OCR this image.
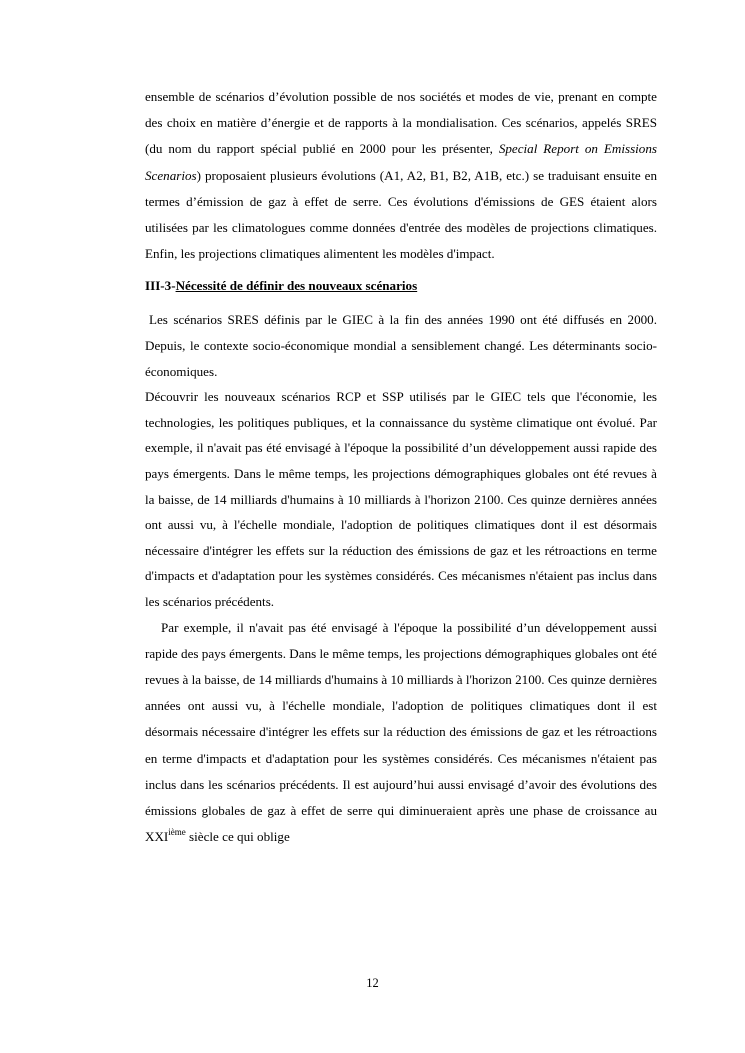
ensemble de scénarios d’évolution possible de nos sociétés et modes de vie, prenant en compte des choix en matière d’énergie et de rapports à la mondialisation. Ces scénarios, appelés SRES (du nom du rapport spécial publié en 2000 pour les présenter, Special Report on Emissions Scenarios) proposaient plusieurs évolutions (A1, A2, B1, B2, A1B, etc.) se traduisant ensuite en termes d’émission de gaz à effet de serre. Ces évolutions d'émissions de GES étaient alors utilisées par les climatologues comme données d'entrée des modèles de projections climatiques. Enfin, les projections climatiques alimentent les modèles d'impact.

III-3-Nécessité de définir des nouveaux scénarios

Les scénarios SRES définis par le GIEC à la fin des années 1990 ont été diffusés en 2000. Depuis, le contexte socio-économique mondial a sensiblement changé. Les déterminants socio-économiques.

Découvrir les nouveaux scénarios RCP et SSP utilisés par le GIEC tels que l'économie, les technologies, les politiques publiques, et la connaissance du système climatique ont évolué. Par exemple, il n'avait pas été envisagé à l'époque la possibilité d’un développement aussi rapide des pays émergents. Dans le même temps, les projections démographiques globales ont été revues à la baisse, de 14 milliards d'humains à 10 milliards à l'horizon 2100. Ces quinze dernières années ont aussi vu, à l'échelle mondiale, l'adoption de politiques climatiques dont il est désormais nécessaire d'intégrer les effets sur la réduction des émissions de gaz et les rétroactions en terme d'impacts et d'adaptation pour les systèmes considérés. Ces mécanismes n'étaient pas inclus dans les scénarios précédents.

Par exemple, il n'avait pas été envisagé à l'époque la possibilité d’un développement aussi rapide des pays émergents. Dans le même temps, les projections démographiques globales ont été revues à la baisse, de 14 milliards d'humains à 10 milliards à l'horizon 2100. Ces quinze dernières années ont aussi vu, à l'échelle mondiale, l'adoption de politiques climatiques dont il est désormais nécessaire d'intégrer les effets sur la réduction des émissions de gaz et les rétroactions en terme d'impacts et d'adaptation pour les systèmes considérés. Ces mécanismes n'étaient pas inclus dans les scénarios précédents. Il est aujourd’hui aussi envisagé d’avoir des évolutions des émissions globales de gaz à effet de serre qui diminueraient après une phase de croissance au XXIième siècle ce qui oblige

12
